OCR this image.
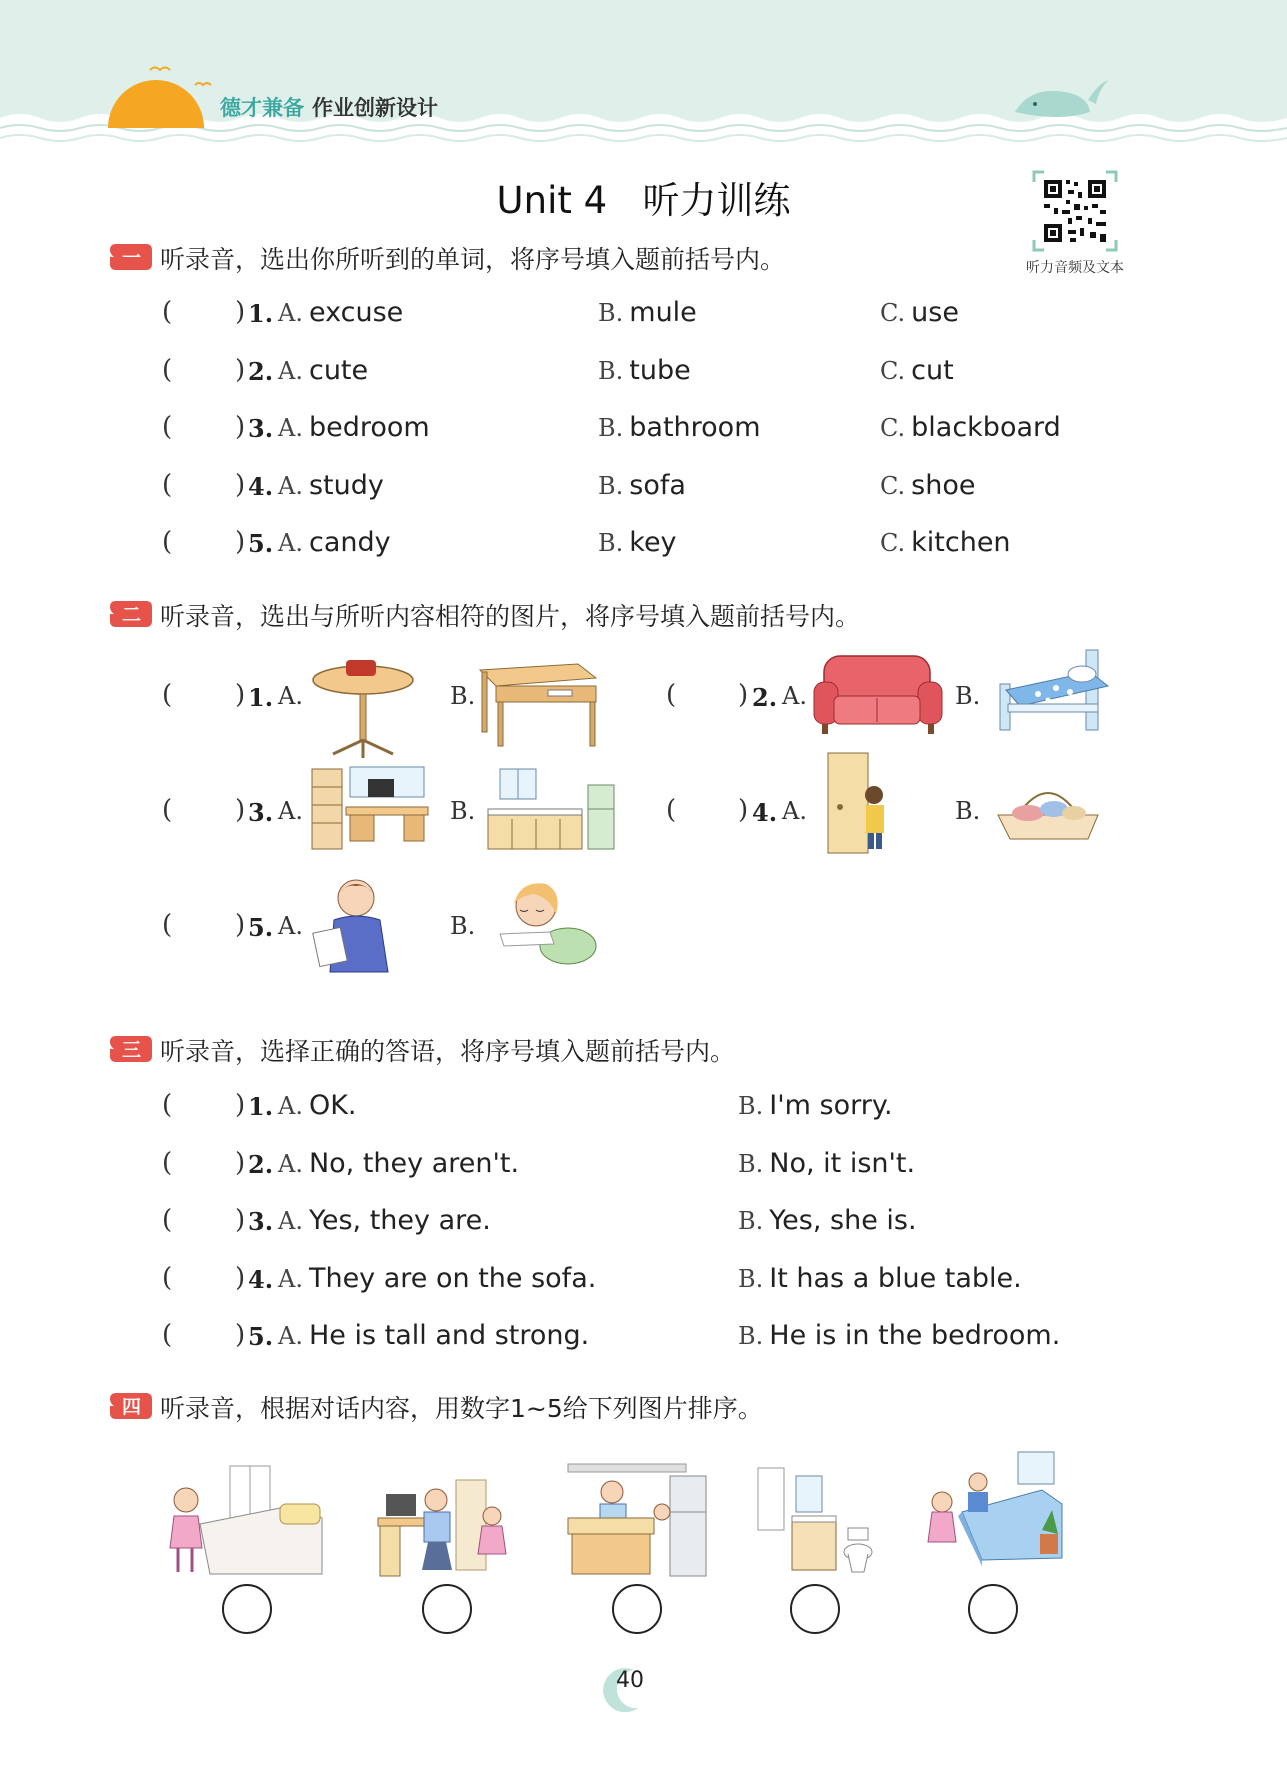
德才兼备 作业创新设计
Unit 4   听力训练
听力音频及文本
一 听录音，选出你所听到的单词，将序号填入题前括号内。
( ) 1. A. excuse	B. mule	C. use
( ) 2. A. cute	B. tube	C. cut
( ) 3. A. bedroom	B. bathroom	C. blackboard
( ) 4. A. study	B. sofa	C. shoe
( ) 5. A. candy	B. key	C. kitchen
二 听录音，选出与所听内容相符的图片，将序号填入题前括号内。
( ) 1. A.	B.	( ) 2. A.	B.
( ) 3. A.	B.	( ) 4. A.	B.
( ) 5. A.	B.
三 听录音，选择正确的答语，将序号填入题前括号内。
( ) 1. A. OK.	B. I'm sorry.
( ) 2. A. No, they aren't.	B. No, it isn't.
( ) 3. A. Yes, they are.	B. Yes, she is.
( ) 4. A. They are on the sofa.	B. It has a blue table.
( ) 5. A. He is tall and strong.	B. He is in the bedroom.
四 听录音，根据对话内容，用数字1~5给下列图片排序。
40
